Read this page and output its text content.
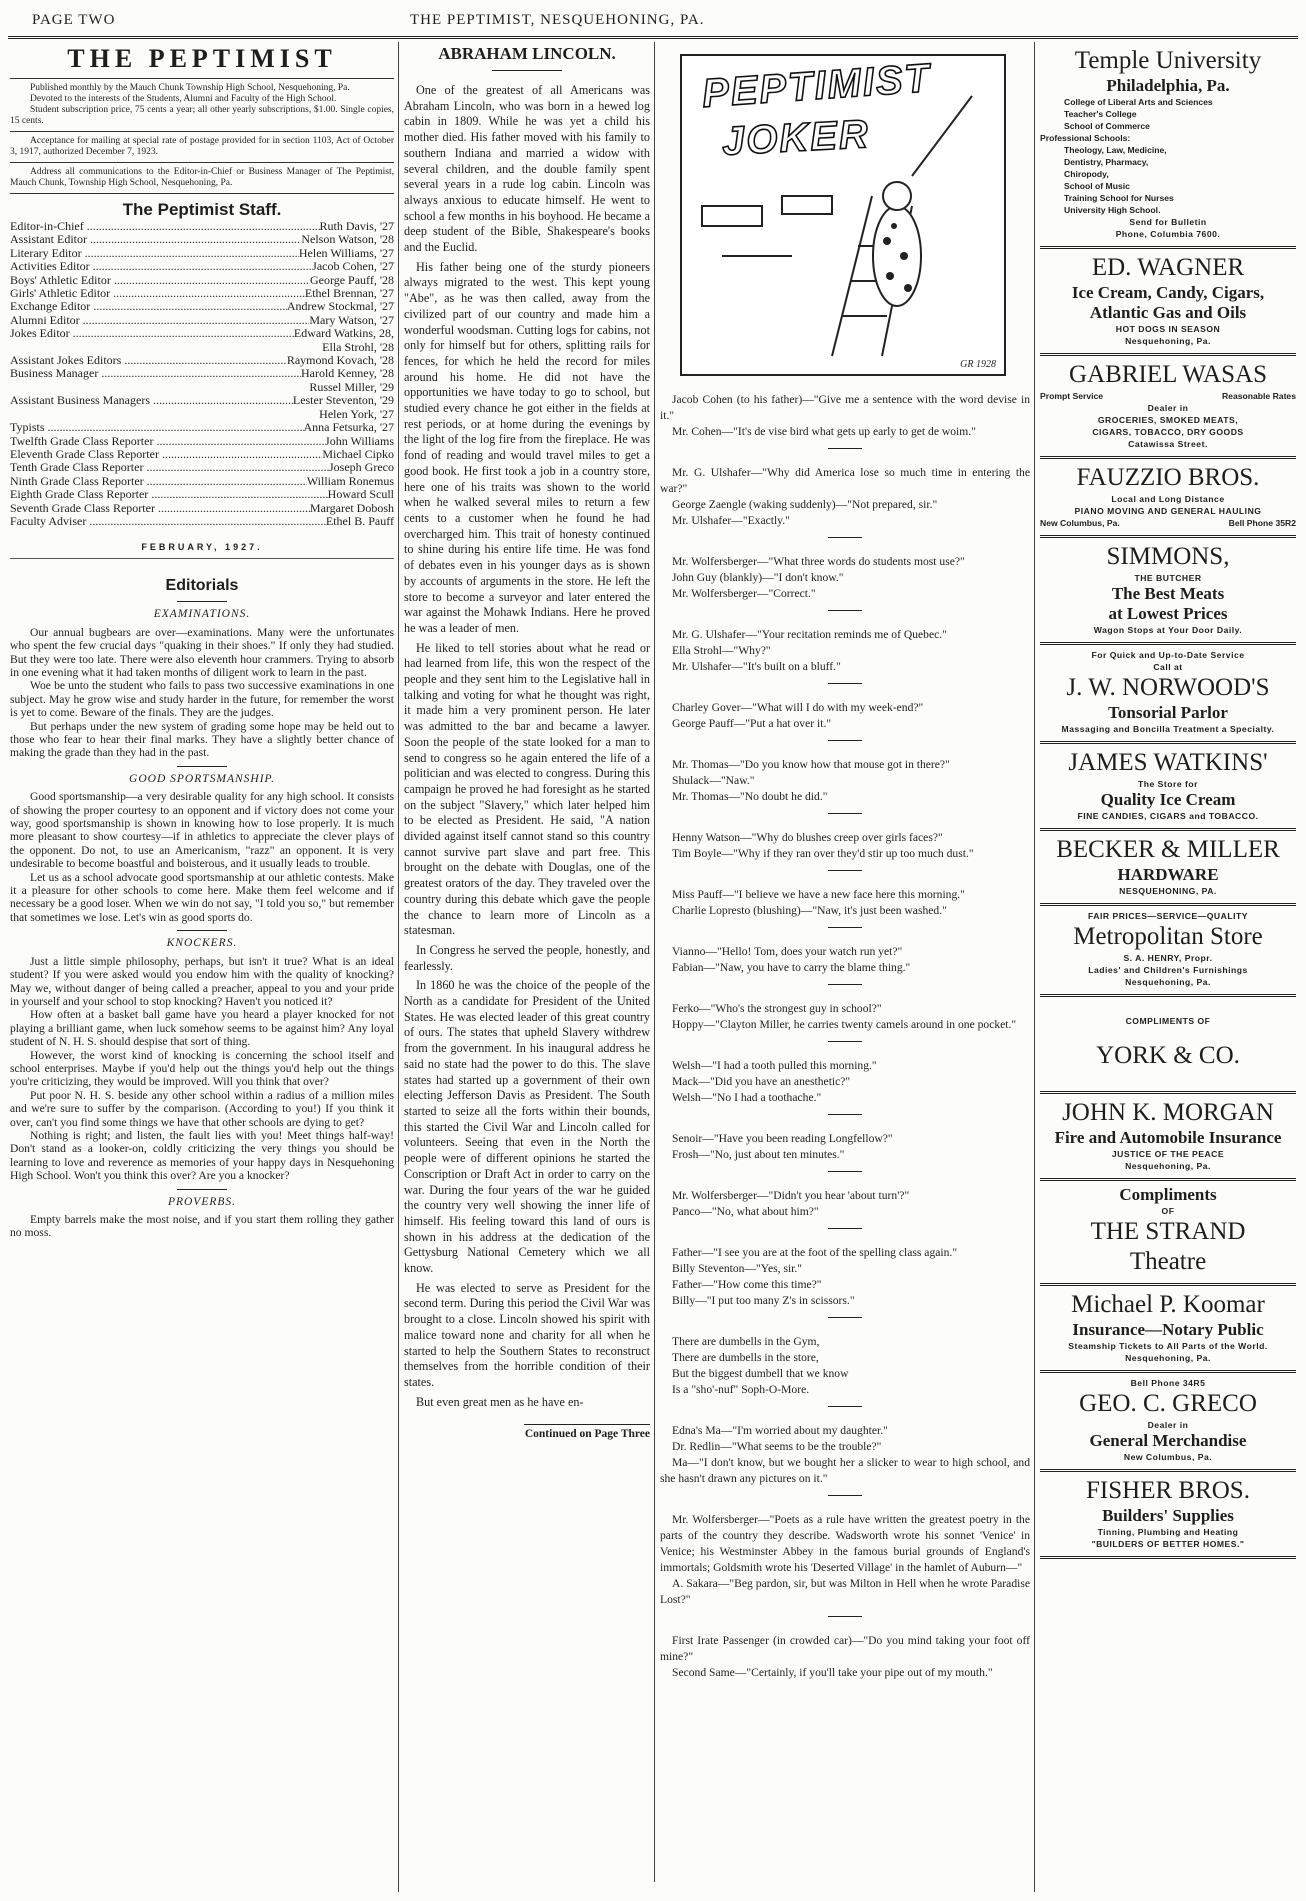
PAGE TWO	THE PEPTIMIST, NESQUEHONING, PA.
THE PEPTIMIST

Published monthly by the Mauch Chunk Township High School, Nesquehoning, Pa.

Devoted to the interests of the Students, Alumni and Faculty of the High School.

Student subscription price, 75 cents a year; all other yearly subscriptions, $1.00. Single copies, 15 cents.

Acceptance for mailing at special rate of postage provided for in section 1103, Act of October 3, 1917, authorized December 7, 1923.

Address all communications to the Editor-in-Chief or Business Manager of The Peptimist, Mauch Chunk, Township High School, Nesquehoning, Pa.

The Peptimist Staff.
Editor-in-Chief .....	Ruth Davis, '27
Assistant Editor .....	Nelson Watson, '28
Literary Editor .....	Helen Williams, '27
Activities Editor .....	Jacob Cohen, '27
Boys' Athletic Editor .....	George Pauff, '28
Girls' Athletic Editor .....	Ethel Brennan, '27
Exchange Editor .....	Andrew Stockmal, '27
Alumni Editor .....	Mary Watson, '27
Jokes Editor .....	Edward Watkins, 28,
Ella Strohl, '28
Assistant Jokes Editors .....	Raymond Kovach, '28
Business Manager .....	Harold Kenney, '28
Russel Miller, '29
Assistant Business Managers .....	Lester Steventon, '29
Helen York, '27
Typists .....	Anna Fetsurka, '27
Twelfth Grade Class Reporter .....	John Williams
Eleventh Grade Class Reporter .....	Michael Cipko
Tenth Grade Class Reporter .....	Joseph Greco
Ninth Grade Class Reporter .....	William Ronemus
Eighth Grade Class Reporter .....	Howard Scull
Seventh Grade Class Reporter .....	Margaret Dobosh
Faculty Adviser .....	Ethel B. Pauff
FEBRUARY, 1927.
Editorials
EXAMINATIONS.

Our annual bugbears are over—examinations. Many were the unfortunates who spent the few crucial days "quaking in their shoes." If only they had studied. But they were too late. There were also eleventh hour crammers. Trying to absorb in one evening what it had taken months of diligent work to learn in the past.

Woe be unto the student who fails to pass two successive examinations in one subject. May he grow wise and study harder in the future, for remember the worst is yet to come. Beware of the finals. They are the judges.

But perhaps under the new system of grading some hope may be held out to those who fear to hear their final marks. They have a slightly better chance of making the grade than they had in the past.

GOOD SPORTSMANSHIP.

Good sportsmanship—a very desirable quality for any high school. It consists of showing the proper courtesy to an opponent and if victory does not come your way, good sportsmanship is shown in knowing how to lose properly. It is much more pleasant to show courtesy—if in athletics to appreciate the clever plays of the opponent. Do not, to use an Americanism, "razz" an opponent. It is very undesirable to become boastful and boisterous, and it usually leads to trouble.

Let us as a school advocate good sportsmanship at our athletic contests. Make it a pleasure for other schools to come here. Make them feel welcome and if necessary be a good loser. When we win do not say, "I told you so," but remember that sometimes we lose. Let's win as good sports do.

KNOCKERS.

Just a little simple philosophy, perhaps, but isn't it true? What is an ideal student? If you were asked would you endow him with the quality of knocking? May we, without danger of being called a preacher, appeal to you and your pride in yourself and your school to stop knocking? Haven't you noticed it?

How often at a basket ball game have you heard a player knocked for not playing a brilliant game, when luck somehow seems to be against him? Any loyal student of N. H. S. should despise that sort of thing.

However, the worst kind of knocking is concerning the school itself and school enterprises. Maybe if you'd help out the things you'd help out the things you're criticizing, they would be improved. Will you think that over?

Put poor N. H. S. beside any other school within a radius of a million miles and we're sure to suffer by the comparison. (According to you!) If you think it over, can't you find some things we have that other schools are dying to get?

Nothing is right; and listen, the fault lies with you! Meet things half-way! Don't stand as a looker-on, coldly criticizing the very things you should be learning to love and reverence as memories of your happy days in Nesquehoning High School. Won't you think this over? Are you a knocker?

PROVERBS.

Empty barrels make the most noise, and if you start them rolling they gather no moss.

ABRAHAM LINCOLN.

One of the greatest of all Americans was Abraham Lincoln, who was born in a hewed log cabin in 1809. While he was yet a child his mother died. His father moved with his family to southern Indiana and married a widow with several children, and the double family spent several years in a rude log cabin. Lincoln was always anxious to educate himself. He went to school a few months in his boyhood. He became a deep student of the Bible, Shakespeare's books and the Euclid.

His father being one of the sturdy pioneers always migrated to the west. This kept young "Abe", as he was then called, away from the civilized part of our country and made him a wonderful woodsman. Cutting logs for cabins, not only for himself but for others, splitting rails for fences, for which he held the record for miles around his home. He did not have the opportunities we have today to go to school, but studied every chance he got either in the fields at rest periods, or at home during the evenings by the light of the log fire from the fireplace. He was fond of reading and would travel miles to get a good book. He first took a job in a country store, here one of his traits was shown to the world when he walked several miles to return a few cents to a customer when he found he had overcharged him. This trait of honesty continued to shine during his entire life time. He was fond of debates even in his younger days as is shown by accounts of arguments in the store. He left the store to become a surveyor and later entered the war against the Mohawk Indians. Here he proved he was a leader of men.

He liked to tell stories about what he read or had learned from life, this won the respect of the people and they sent him to the Legislative hall in talking and voting for what he thought was right, it made him a very prominent person. He later was admitted to the bar and became a lawyer. Soon the people of the state looked for a man to send to congress so he again entered the life of a politician and was elected to congress. During this campaign he proved he had foresight as he started on the subject "Slavery," which later helped him to be elected as President. He said, "A nation divided against itself cannot stand so this country cannot survive part slave and part free. This brought on the debate with Douglas, one of the greatest orators of the day. They traveled over the country during this debate which gave the people the chance to learn more of Lincoln as a statesman.

In Congress he served the people, honestly, and fearlessly.

In 1860 he was the choice of the people of the North as a candidate for President of the United States. He was elected leader of this great country of ours. The states that upheld Slavery withdrew from the government. In his inaugural address he said no state had the power to do this. The slave states had started up a government of their own electing Jefferson Davis as President. The South started to seize all the forts within their bounds, this started the Civil War and Lincoln called for volunteers. Seeing that even in the North the people were of different opinions he started the Conscription or Draft Act in order to carry on the war. During the four years of the war he guided the country very well showing the inner life of himself. His feeling toward this land of ours is shown in his address at the dedication of the Gettysburg National Cemetery which we all know.

He was elected to serve as President for the second term. During this period the Civil War was brought to a close. Lincoln showed his spirit with malice toward none and charity for all when he started to help the Southern States to reconstruct themselves from the horrible condition of their states.

But even great men as he have en-

Continued on Page Three
PEPTIMIST
JOKER
GR 1928

Jacob Cohen (to his father)—"Give me a sentence with the word devise in it."

Mr. Cohen—"It's de vise bird what gets up early to get de woim."

Mr. G. Ulshafer—"Why did America lose so much time in entering the war?"

George Zaengle (waking suddenly)—"Not prepared, sir."

Mr. Ulshafer—"Exactly."

Mr. Wolfersberger—"What three words do students most use?"

John Guy (blankly)—"I don't know."

Mr. Wolfersberger—"Correct."

Mr. G. Ulshafer—"Your recitation reminds me of Quebec."

Ella Strohl—"Why?"

Mr. Ulshafer—"It's built on a bluff."

Charley Gover—"What will I do with my week-end?"

George Pauff—"Put a hat over it."

Mr. Thomas—"Do you know how that mouse got in there?"

Shulack—"Naw."

Mr. Thomas—"No doubt he did."

Henny Watson—"Why do blushes creep over girls faces?"

Tim Boyle—"Why if they ran over they'd stir up too much dust."

Miss Pauff—"I believe we have a new face here this morning."

Charlie Lopresto (blushing)—"Naw, it's just been washed."

Vianno—"Hello! Tom, does your watch run yet?"

Fabian—"Naw, you have to carry the blame thing."

Ferko—"Who's the strongest guy in school?"

Hoppy—"Clayton Miller, he carries twenty camels around in one pocket."

Welsh—"I had a tooth pulled this morning."

Mack—"Did you have an anesthetic?"

Welsh—"No I had a toothache."

Senoir—"Have you been reading Longfellow?"

Frosh—"No, just about ten minutes."

Mr. Wolfersberger—"Didn't you hear 'about turn'?"

Panco—"No, what about him?"

Father—"I see you are at the foot of the spelling class again."

Billy Steventon—"Yes, sir."

Father—"How come this time?"

Billy—"I put too many Z's in scissors."

There are dumbells in the Gym,

There are dumbells in the store,

But the biggest dumbell that we know

Is a "sho'-nuf" Soph-O-More.

Edna's Ma—"I'm worried about my daughter."

Dr. Redlin—"What seems to be the trouble?"

Ma—"I don't know, but we bought her a slicker to wear to high school, and she hasn't drawn any pictures on it."

Mr. Wolfersberger—"Poets as a rule have written the greatest poetry in the parts of the country they describe. Wadsworth wrote his sonnet 'Venice' in Venice; his Westminster Abbey in the famous burial grounds of England's immortals; Goldsmith wrote his 'Deserted Village' in the hamlet of Auburn—"

A. Sakara—"Beg pardon, sir, but was Milton in Hell when he wrote Paradise Lost?"

First Irate Passenger (in crowded car)—"Do you mind taking your foot off mine?"

Second Same—"Certainly, if you'll take your pipe out of my mouth."

Temple University
Philadelphia, Pa.
College of Liberal Arts and Sciences
Teacher's College
School of Commerce
Professional Schools:
Theology, Law, Medicine,
Dentistry, Pharmacy,
Chiropody,
School of Music
Training School for Nurses
University High School.
Send for Bulletin
Phone, Columbia 7600.
ED. WAGNER
Ice Cream, Candy, Cigars,
Atlantic Gas and Oils
HOT DOGS IN SEASON
Nesquehoning, Pa.
GABRIEL WASAS
Prompt Service	Reasonable Rates
Dealer in
GROCERIES, SMOKED MEATS,
CIGARS, TOBACCO, DRY GOODS
Catawissa Street.
FAUZZIO BROS.
Local and Long Distance
PIANO MOVING AND GENERAL HAULING
New Columbus, Pa.	Bell Phone 35R2
SIMMONS,
THE BUTCHER
The Best Meats
at Lowest Prices
Wagon Stops at Your Door Daily.
For Quick and Up-to-Date Service
Call at
J. W. NORWOOD'S
Tonsorial Parlor
Massaging and Boncilla Treatment a Specialty.
JAMES WATKINS'
The Store for
Quality Ice Cream
FINE CANDIES, CIGARS and TOBACCO.
BECKER & MILLER
HARDWARE
NESQUEHONING, PA.
FAIR PRICES—SERVICE—QUALITY
Metropolitan Store
S. A. HENRY, Propr.
Ladies' and Children's Furnishings
Nesquehoning, Pa.
COMPLIMENTS OF
YORK & CO.
JOHN K. MORGAN
Fire and Automobile Insurance
JUSTICE OF THE PEACE
Nesquehoning, Pa.
Compliments
OF
THE STRAND
Theatre
Michael P. Koomar
Insurance—Notary Public
Steamship Tickets to All Parts of the World.
Nesquehoning, Pa.
Bell Phone 34R5
GEO. C. GRECO
Dealer in
General Merchandise
New Columbus, Pa.
FISHER BROS.
Builders' Supplies
Tinning, Plumbing and Heating
"BUILDERS OF BETTER HOMES."
